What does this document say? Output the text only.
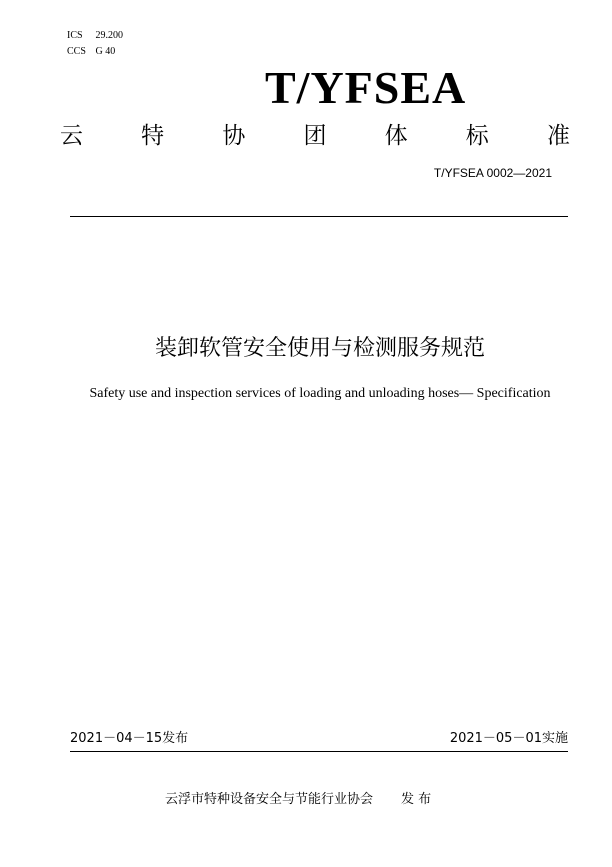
ICS 29.200
CCS G 40
T/YFSEA
云	特	协	团	体	标	准
T/YFSEA 0002—2021
装卸软管安全使用与检测服务规范
Safety use and inspection services of loading and unloading hoses— Specification
2021－04－15发布	2021－05－01实施
云浮市特种设备安全与节能行业协会 发 布
